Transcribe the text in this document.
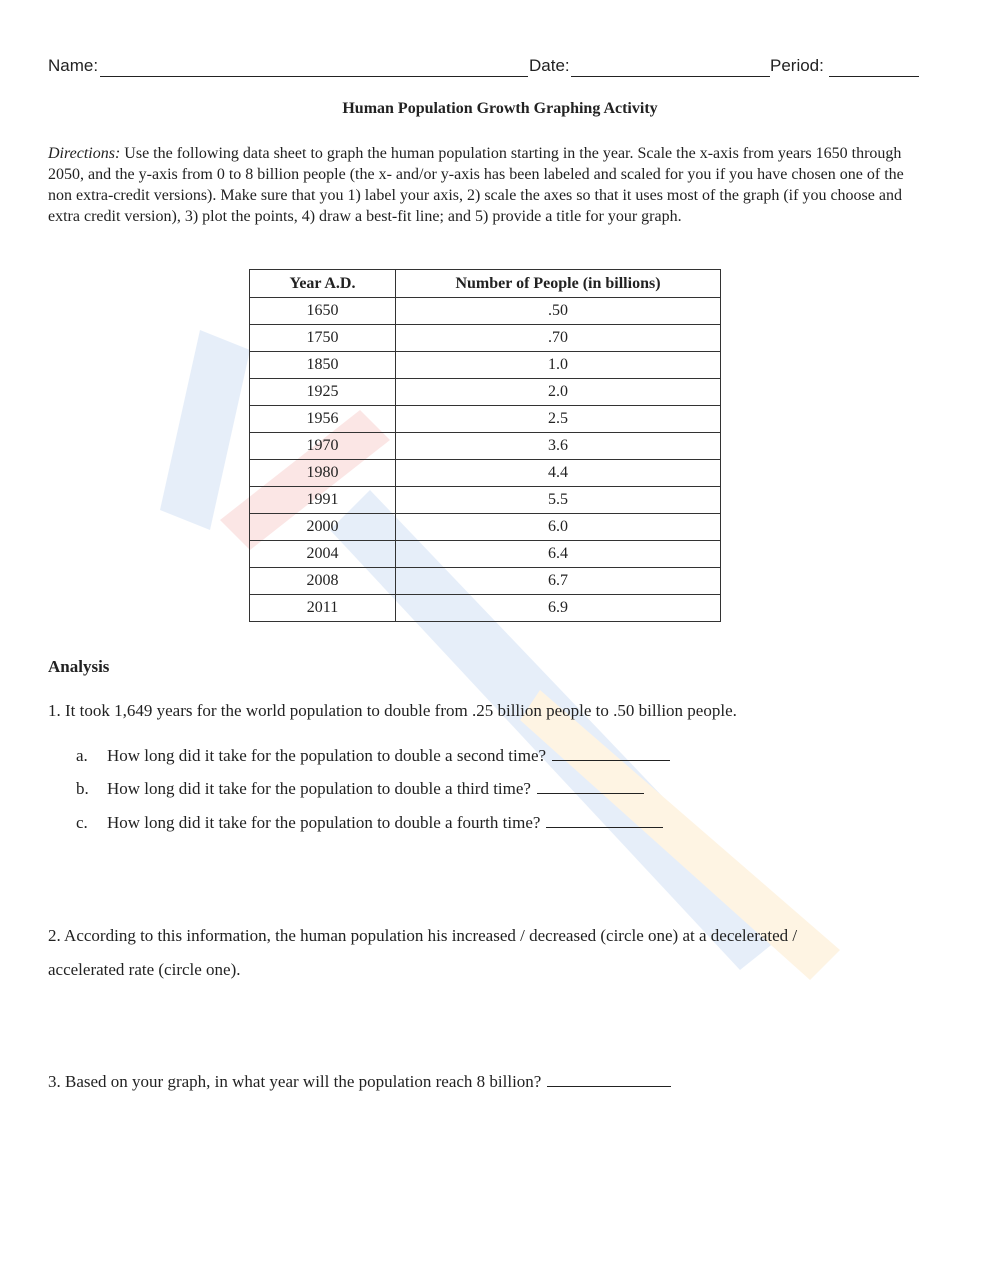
Name:	Date:	Period:
Human Population Growth Graphing Activity
Directions: Use the following data sheet to graph the human population starting in the year. Scale the x-axis from years 1650 through 2050, and the y-axis from 0 to 8 billion people (the x- and/or y-axis has been labeled and scaled for you if you have chosen one of the non extra-credit versions). Make sure that you 1) label your axis, 2) scale the axes so that it uses most of the graph (if you choose and extra credit version), 3) plot the points, 4) draw a best-fit line; and 5) provide a title for your graph.
Year A.D.	Number of People (in billions)
1650	.50
1750	.70
1850	1.0
1925	2.0
1956	2.5
1970	3.6
1980	4.4
1991	5.5
2000	6.0
2004	6.4
2008	6.7
2011	6.9
Analysis
1. It took 1,649 years for the world population to double from .25 billion people to .50 billion people.
a. How long did it take for the population to double a second time?
b. How long did it take for the population to double a third time?
c. How long did it take for the population to double a fourth time?
2. According to this information, the human population his increased / decreased (circle one) at a decelerated /
accelerated rate (circle one).
3. Based on your graph, in what year will the population reach 8 billion?
